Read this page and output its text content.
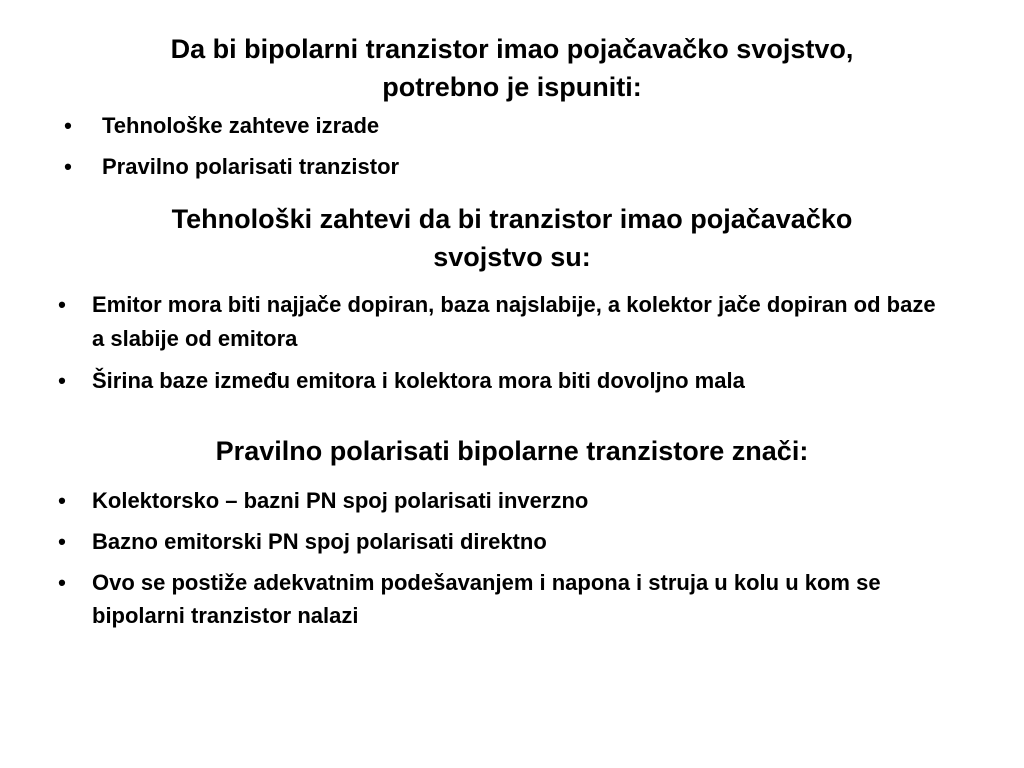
Da bi bipolarni tranzistor imao pojačavačko svojstvo,
potrebno je ispuniti:
• Tehnološke zahteve izrade
• Pravilno polarisati tranzistor
Tehnološki zahtevi da bi tranzistor imao pojačavačko
svojstvo su:
• Emitor mora biti najjače dopiran, baza najslabije, a kolektor jače dopiran od baze a slabije od emitora
• Širina baze između emitora i kolektora mora biti dovoljno mala
Pravilno polarisati bipolarne tranzistore znači:
• Kolektorsko – bazni PN spoj polarisati inverzno
• Bazno emitorski PN spoj polarisati direktno
• Ovo se postiže adekvatnim podešavanjem i napona i struja u kolu u kom se bipolarni tranzistor nalazi
